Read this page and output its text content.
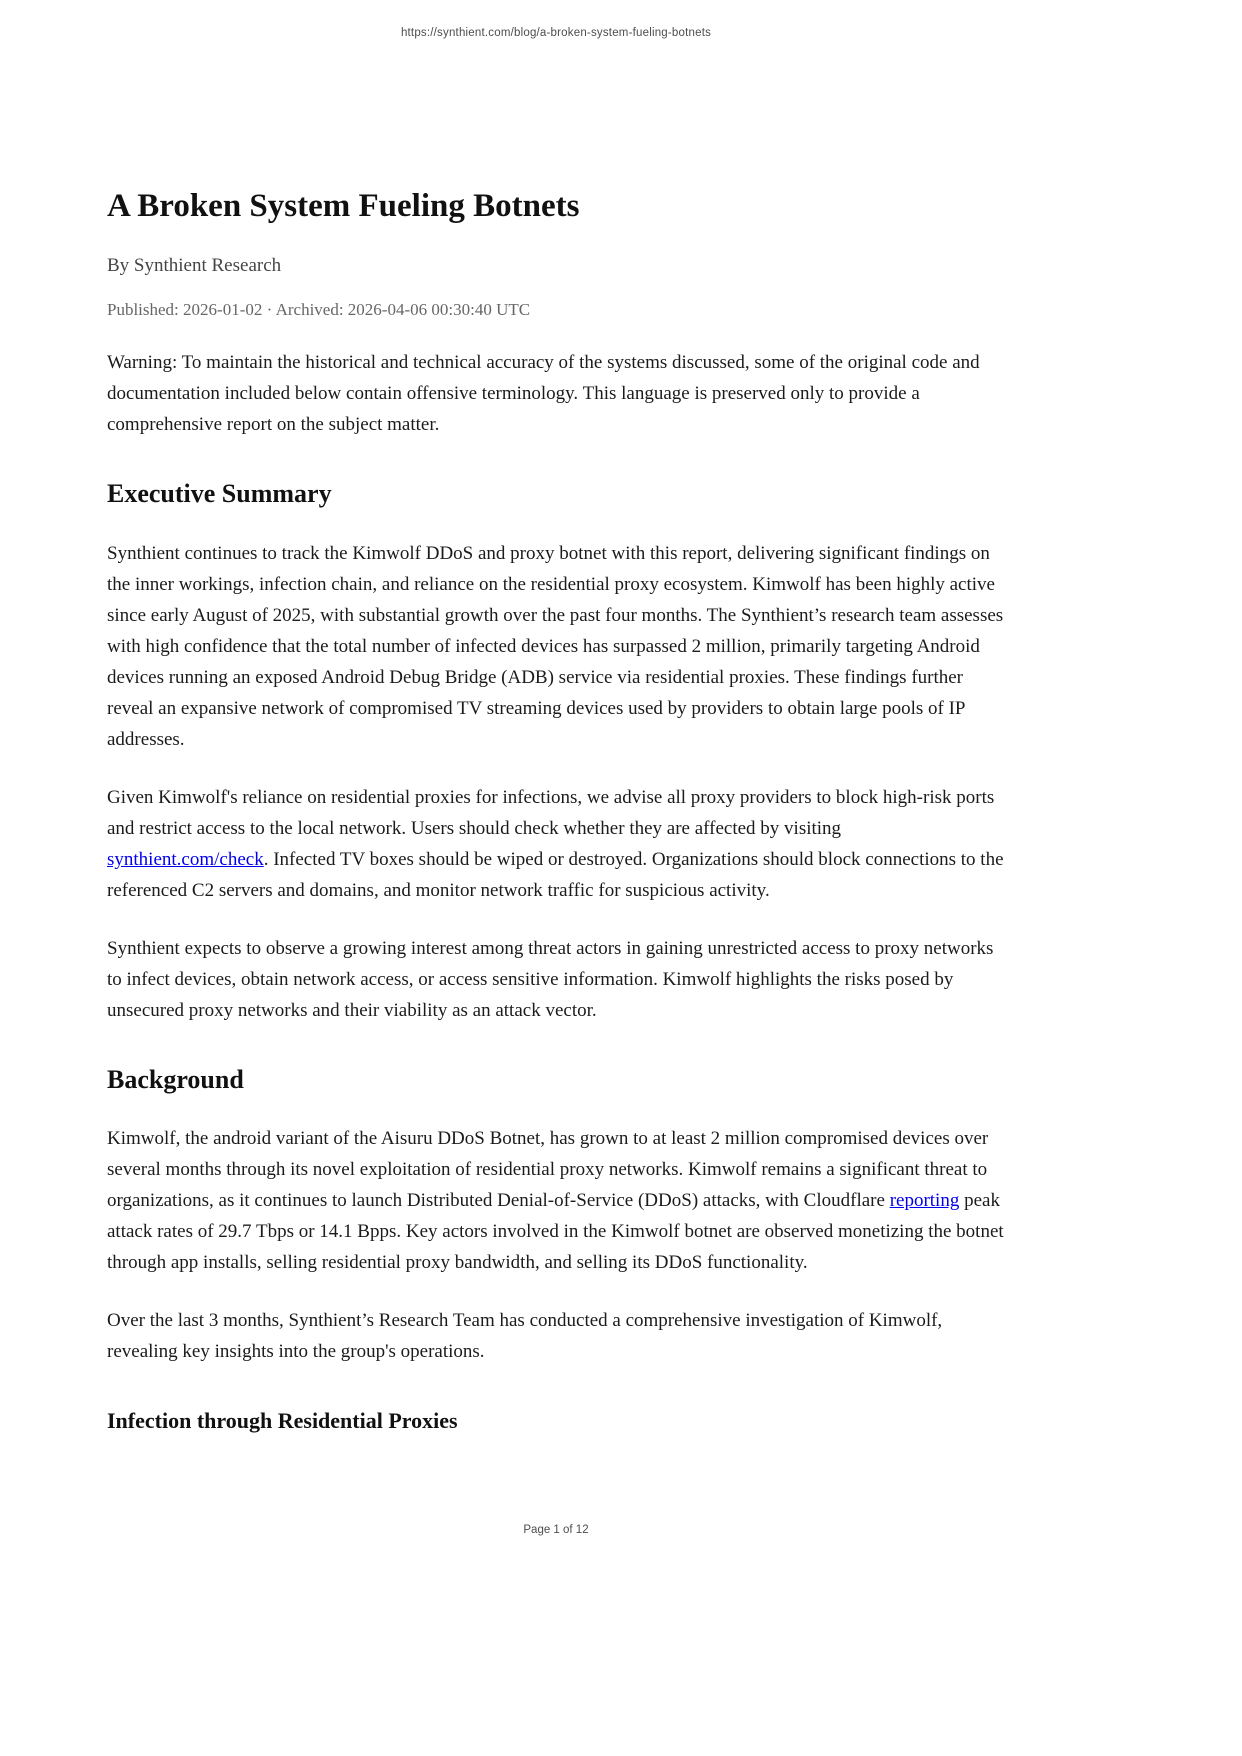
https://synthient.com/blog/a-broken-system-fueling-botnets
A Broken System Fueling Botnets

By Synthient Research

Published: 2026-01-02 · Archived: 2026-04-06 00:30:40 UTC

Warning: To maintain the historical and technical accuracy of the systems discussed, some of the original code and documentation included below contain offensive terminology. This language is preserved only to provide a comprehensive report on the subject matter.

Executive Summary

Synthient continues to track the Kimwolf DDoS and proxy botnet with this report, delivering significant findings on the inner workings, infection chain, and reliance on the residential proxy ecosystem. Kimwolf has been highly active since early August of 2025, with substantial growth over the past four months. The Synthient’s research team assesses with high confidence that the total number of infected devices has surpassed 2 million, primarily targeting Android devices running an exposed Android Debug Bridge (ADB) service via residential proxies. These findings further reveal an expansive network of compromised TV streaming devices used by providers to obtain large pools of IP addresses.

Given Kimwolf's reliance on residential proxies for infections, we advise all proxy providers to block high-risk ports and restrict access to the local network. Users should check whether they are affected by visiting synthient.com/check. Infected TV boxes should be wiped or destroyed. Organizations should block connections to the referenced C2 servers and domains, and monitor network traffic for suspicious activity.

Synthient expects to observe a growing interest among threat actors in gaining unrestricted access to proxy networks to infect devices, obtain network access, or access sensitive information. Kimwolf highlights the risks posed by unsecured proxy networks and their viability as an attack vector.

Background

Kimwolf, the android variant of the Aisuru DDoS Botnet, has grown to at least 2 million compromised devices over several months through its novel exploitation of residential proxy networks. Kimwolf remains a significant threat to organizations, as it continues to launch Distributed Denial-of-Service (DDoS) attacks, with Cloudflare reporting peak attack rates of 29.7 Tbps or 14.1 Bpps. Key actors involved in the Kimwolf botnet are observed monetizing the botnet through app installs, selling residential proxy bandwidth, and selling its DDoS functionality.

Over the last 3 months, Synthient’s Research Team has conducted a comprehensive investigation of Kimwolf, revealing key insights into the group's operations.

Infection through Residential Proxies
Page 1 of 12
